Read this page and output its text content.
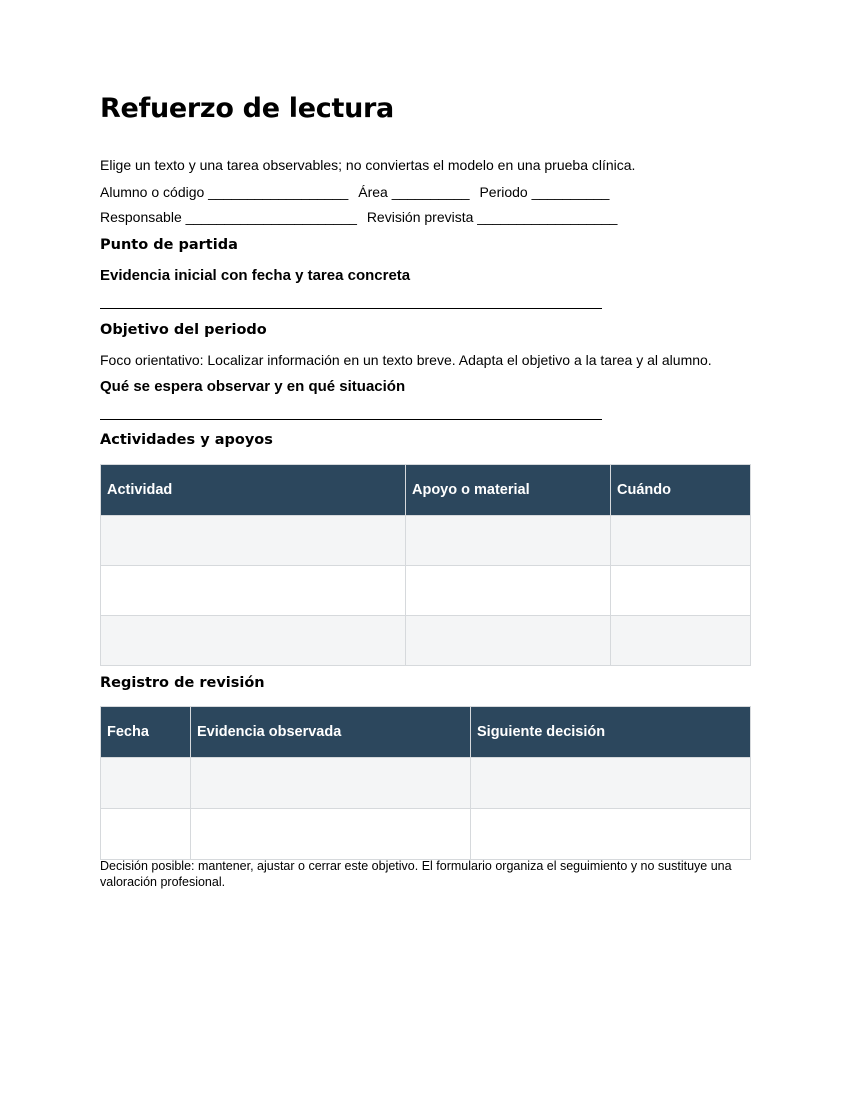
Refuerzo de lectura

Elige un texto y una tarea observables; no conviertas el modelo en una prueba clínica.

Alumno o código __________________ Área __________ Periodo __________
Responsable ______________________ Revisión prevista __________________
Punto de partida
Evidencia inicial con fecha y tarea concreta
Objetivo del periodo

Foco orientativo: Localizar información en un texto breve. Adapta el objetivo a la tarea y al alumno.

Qué se espera observar y en qué situación
Actividades y apoyos
Actividad	Apoyo o material	Cuándo

Registro de revisión
Fecha	Evidencia observada	Siguiente decisión

Decisión posible: mantener, ajustar o cerrar este objetivo. El formulario organiza el seguimiento y no sustituye una valoración profesional.
